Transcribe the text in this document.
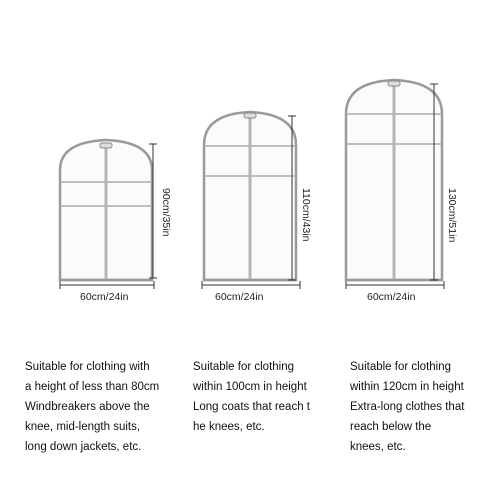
60cm/24in
90cm/35in
60cm/24in
110cm/43in
60cm/24in
130cm/51in
Suitable for clothing with
a height of less than 80cm
Windbreakers above the
knee, mid-length suits,
long down jackets, etc.
Suitable for clothing
within 100cm in height
Long coats that reach t
he knees, etc.
Suitable for clothing
within 120cm in height
Extra-long clothes that
reach below the
knees, etc.
